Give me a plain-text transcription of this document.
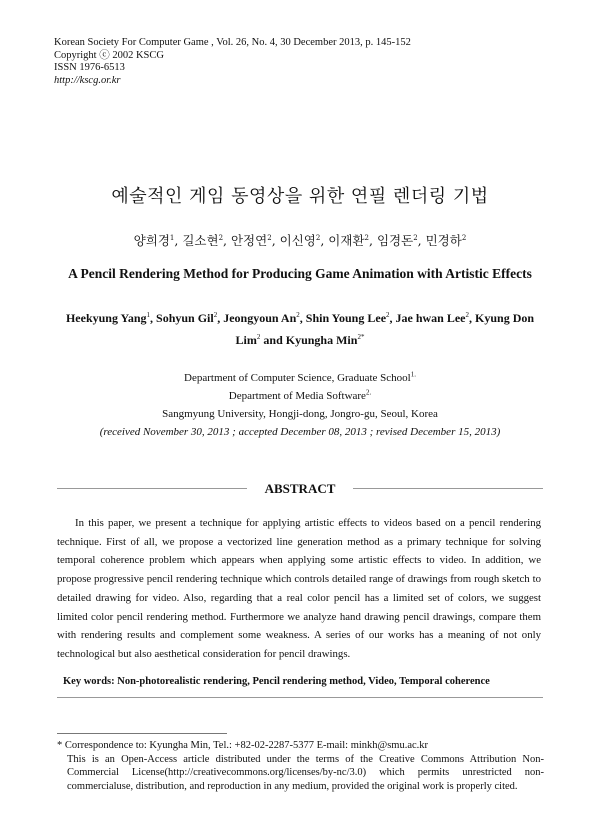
Korean Society For Computer Game , Vol. 26, No. 4, 30 December 2013, p. 145-152
Copyright ⓒ 2002 KSCG
ISSN 1976-6513
http://kscg.or.kr
예술적인 게임 동영상을 위한 연필 렌더링 기법
양희경$^1$, 길소현$^2$, 안정연$^2$, 이신영$^2$, 이재환$^2$, 임경돈$^2$, 민경하$^2$
A Pencil Rendering Method for Producing Game Animation with Artistic Effects
Heekyung Yang$^1$, Sohyun Gil$^2$, Jeongyoun An$^2$, Shin Young Lee$^2$, Jae hwan Lee$^2$, Kyung Don Lim$^2$ and Kyungha Min$^{2*}$
Department of Computer Science, Graduate School$^{1.}$
Department of Media Software$^{2.}$
Sangmyung University, Hongji-dong, Jongro-gu, Seoul, Korea
(received November 30, 2013 ; accepted December 08, 2013 ; revised December 15, 2013)
ABSTRACT
In this paper, we present a technique for applying artistic effects to videos based on a pencil rendering technique. First of all, we propose a vectorized line generation method as a primary technique for solving temporal coherence problem which appears when applying some artistic effects to video. In addition, we propose progressive pencil rendering technique which controls detailed range of drawings from rough sketch to detailed drawing for video. Also, regarding that a real color pencil has a limited set of colors, we suggest limited color pencil rendering method. Furthermore we analyze hand drawing pencil drawings, compare them with rendering results and complement some weakness. A series of our works has a meaning of not only technological but also aesthetical consideration for pencil drawings.
Key words: Non-photorealistic rendering, Pencil rendering method, Video, Temporal coherence
* Correspondence to: Kyungha Min, Tel.: +82-02-2287-5377 E-mail: minkh@smu.ac.kr
This is an Open-Access article distributed under the terms of the Creative Commons Attribution Non-Commercial License(http://creativecommons.org/licenses/by-nc/3.0) which permits unrestricted non-commercialuse, distribution, and reproduction in any medium, provided the original work is properly cited.
